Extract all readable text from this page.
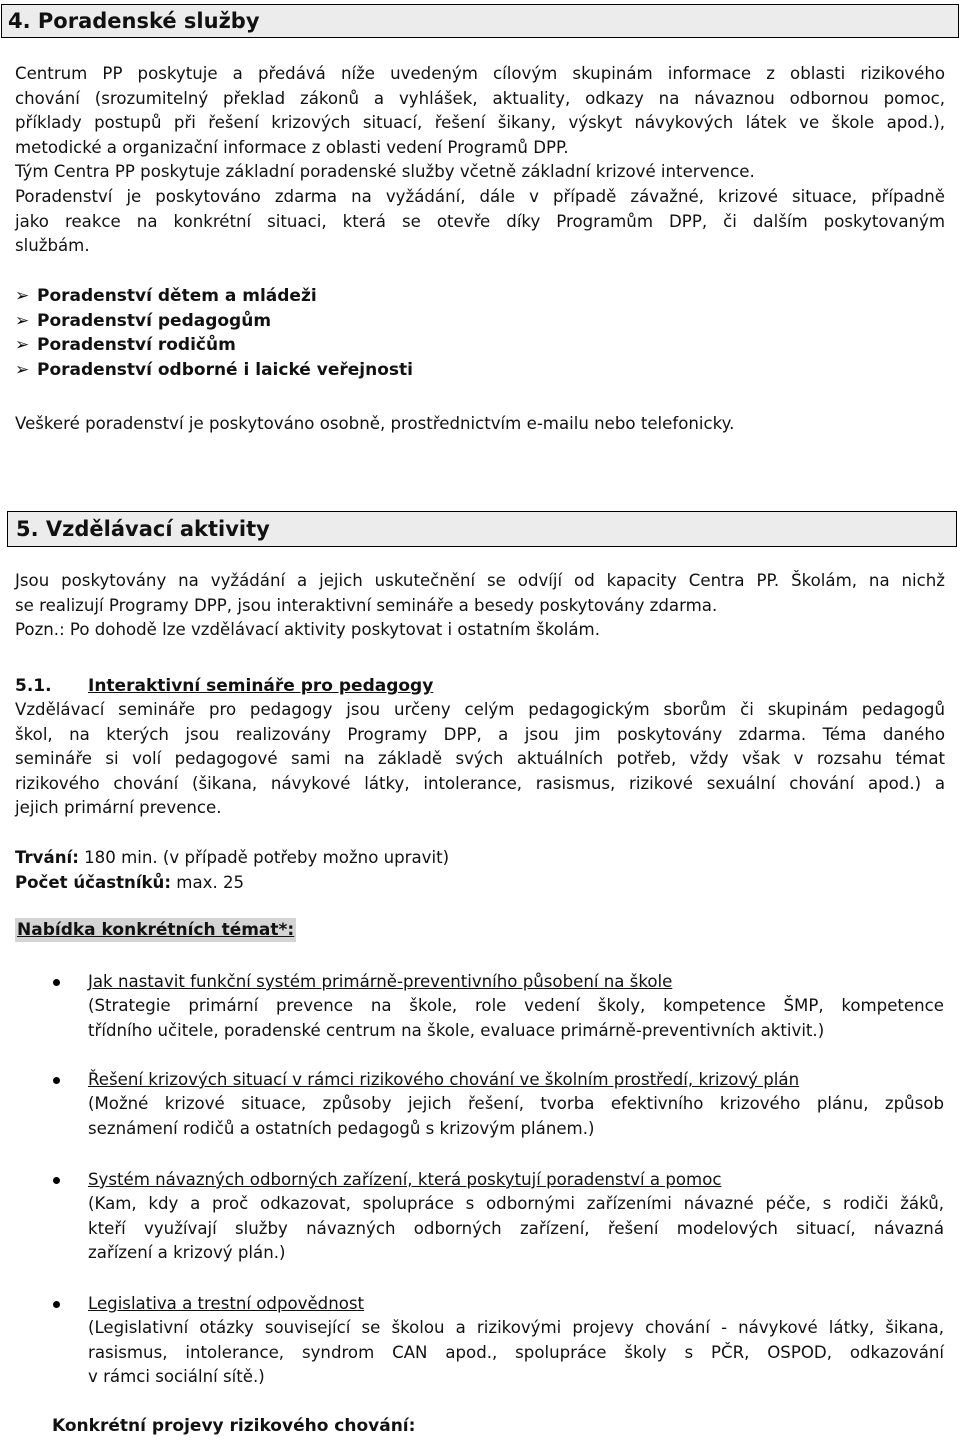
4. Poradenské služby

Centrum PP poskytuje a předává níže uvedeným cílovým skupinám informace z oblasti rizikového
chování (srozumitelný překlad zákonů a vyhlášek, aktuality, odkazy na návaznou odbornou pomoc,
příklady postupů při řešení krizových situací, řešení šikany, výskyt návykových látek ve škole apod.),
metodické a organizační informace z oblasti vedení Programů DPP.
Tým Centra PP poskytuje základní poradenské služby včetně základní krizové intervence.
Poradenství je poskytováno zdarma na vyžádání, dále v případě závažné, krizové situace, případně
jako reakce na konkrétní situaci, která se otevře díky Programům DPP, či dalším poskytovaným
službám.

➢ Poradenství dětem a mládeži
➢ Poradenství pedagogům
➢ Poradenství rodičům
➢ Poradenství odborné i laické veřejnosti

Veškeré poradenství je poskytováno osobně, prostřednictvím e-mailu nebo telefonicky.

5. Vzdělávací aktivity

Jsou poskytovány na vyžádání a jejich uskutečnění se odvíjí od kapacity Centra PP. Školám, na nichž
se realizují Programy DPP, jsou interaktivní semináře a besedy poskytovány zdarma.
Pozn.: Po dohodě lze vzdělávací aktivity poskytovat i ostatním školám.

5.1. Interaktivní semináře pro pedagogy

Vzdělávací semináře pro pedagogy jsou určeny celým pedagogickým sborům či skupinám pedagogů
škol, na kterých jsou realizovány Programy DPP, a jsou jim poskytovány zdarma. Téma daného
semináře si volí pedagogové sami na základě svých aktuálních potřeb, vždy však v rozsahu témat
rizikového chování (šikana, návykové látky, intolerance, rasismus, rizikové sexuální chování apod.) a
jejich primární prevence.

Trvání: 180 min. (v případě potřeby možno upravit)
Počet účastníků: max. 25

Nabídka konkrétních témat*:

Jak nastavit funkční systém primárně-preventivního působení na škole

(Strategie primární prevence na škole, role vedení školy, kompetence ŠMP, kompetence
třídního učitele, poradenské centrum na škole, evaluace primárně-preventivních aktivit.)

Řešení krizových situací v rámci rizikového chování ve školním prostředí, krizový plán

(Možné krizové situace, způsoby jejich řešení, tvorba efektivního krizového plánu, způsob
seznámení rodičů a ostatních pedagogů s krizovým plánem.)

Systém návazných odborných zařízení, která poskytují poradenství a pomoc

(Kam, kdy a proč odkazovat, spolupráce s odbornými zařízeními návazné péče, s rodiči žáků,
kteří využívají služby návazných odborných zařízení, řešení modelových situací, návazná
zařízení a krizový plán.)

Legislativa a trestní odpovědnost

(Legislativní otázky související se školou a rizikovými projevy chování - návykové látky, šikana,
rasismus, intolerance, syndrom CAN apod., spolupráce školy s PČR, OSPOD, odkazování
v rámci sociální sítě.)

Konkrétní projevy rizikového chování:
